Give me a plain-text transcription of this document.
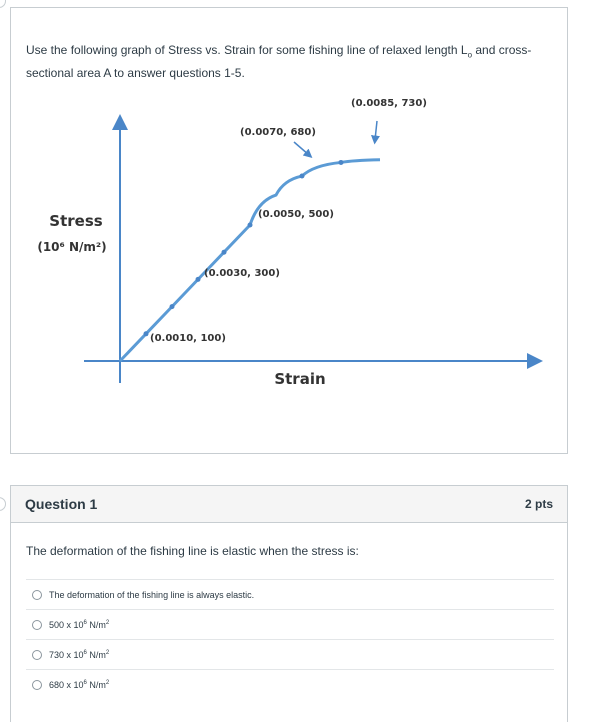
Use the following graph of Stress vs. Strain for some fishing line of relaxed length $L_o$ and cross-sectional area A to answer questions 1-5.
Stress
(10⁶ N/m²)
Strain
(0.0010, 100)
(0.0030, 300)
(0.0050, 500)
(0.0070, 680)
(0.0085, 730)
Question 1	2 pts
The deformation of the fishing line is elastic when the stress is:
The deformation of the fishing line is always elastic.
500 x $10^6$ $N/m^2$
730 x $10^6$ $N/m^2$
680 x $10^6$ $N/m^2$
